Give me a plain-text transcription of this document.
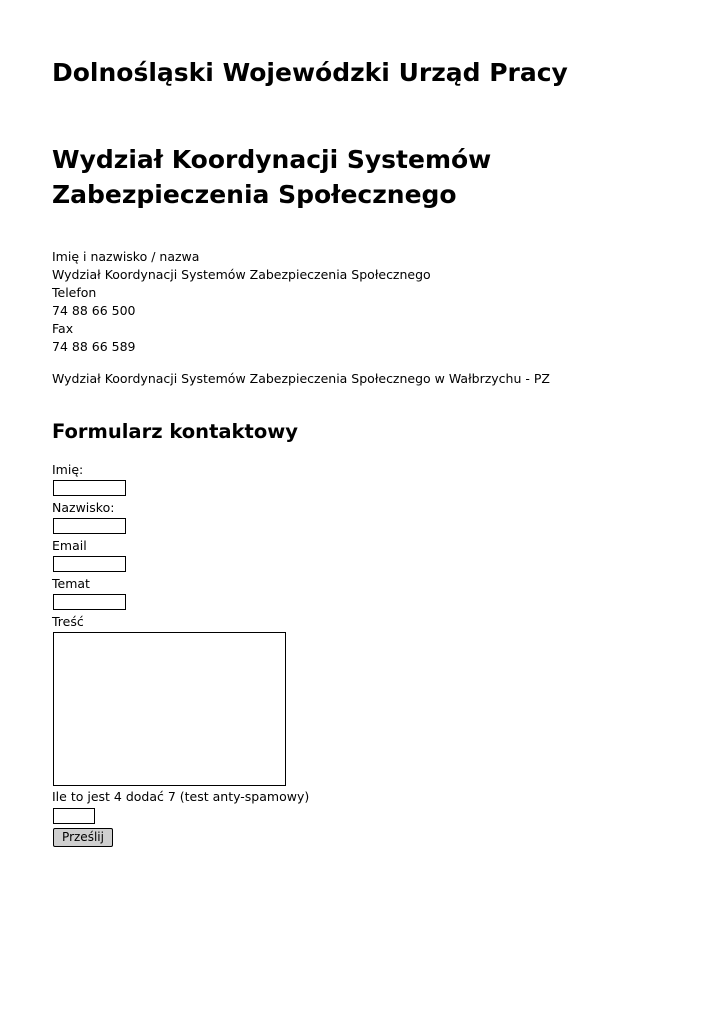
Dolnośląski Wojewódzki Urząd Pracy
Wydział Koordynacji Systemów Zabezpieczenia Społecznego
Imię i nazwisko / nazwa
Wydział Koordynacji Systemów Zabezpieczenia Społecznego
Telefon
74 88 66 500
Fax
74 88 66 589
Wydział Koordynacji Systemów Zabezpieczenia Społecznego w Wałbrzychu - PZ
Formularz kontaktowy
Imię:
Nazwisko:
Email
Temat
Treść
Ile to jest 4 dodać 7 (test anty-spamowy)
Prześlij
